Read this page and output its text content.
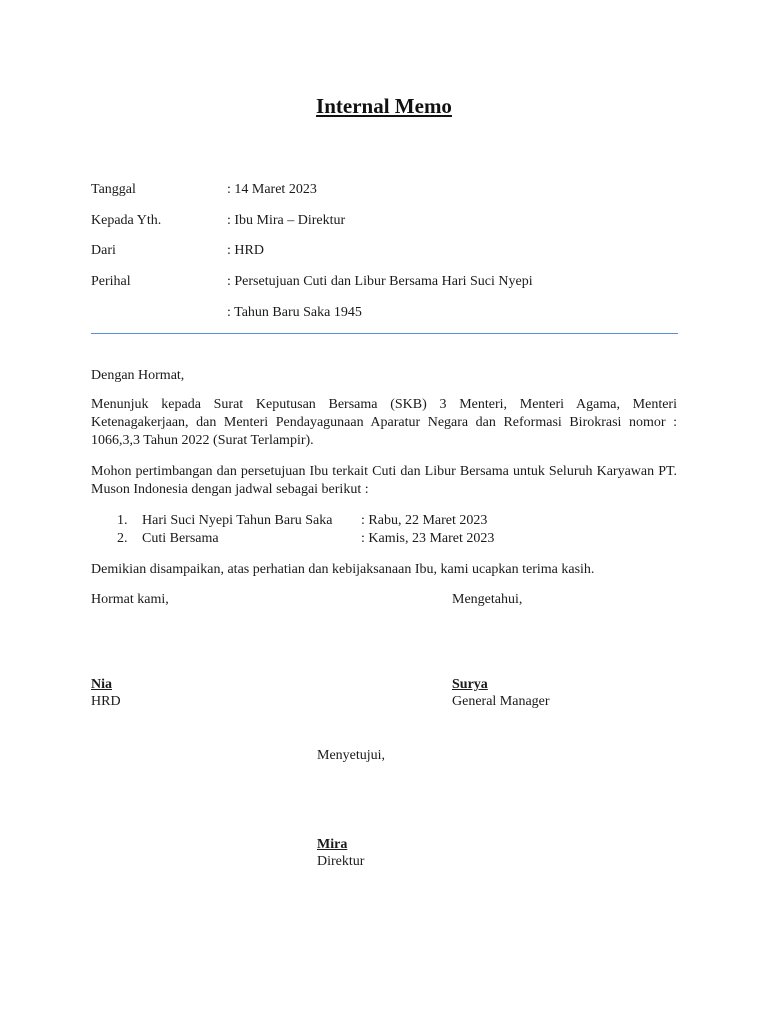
Internal Memo
Tanggal	: 14 Maret 2023
Kepada Yth.	: Ibu Mira – Direktur
Dari	: HRD
Perihal	: Persetujuan Cuti dan Libur Bersama Hari Suci Nyepi
: Tahun Baru Saka 1945

Dengan Hormat,

Menunjuk kepada Surat Keputusan Bersama (SKB) 3 Menteri, Menteri Agama, Menteri Ketenagakerjaan, dan Menteri Pendayagunaan Aparatur Negara dan Reformasi Birokrasi nomor : 1066,3,3 Tahun 2022 (Surat Terlampir).

Mohon pertimbangan dan persetujuan Ibu terkait Cuti dan Libur Bersama untuk Seluruh Karyawan PT. Muson Indonesia dengan jadwal sebagai berikut :

1. Hari Suci Nyepi Tahun Baru Saka : Rabu, 22 Maret 2023
2. Cuti Bersama	: Kamis, 23 Maret 2023

Demikian disampaikan, atas perhatian dan kebijaksanaan Ibu, kami ucapkan terima kasih.

Hormat kami,	Mengetahui,
Nia
HRD
Surya
General Manager
Menyetujui,
Mira
Direktur
